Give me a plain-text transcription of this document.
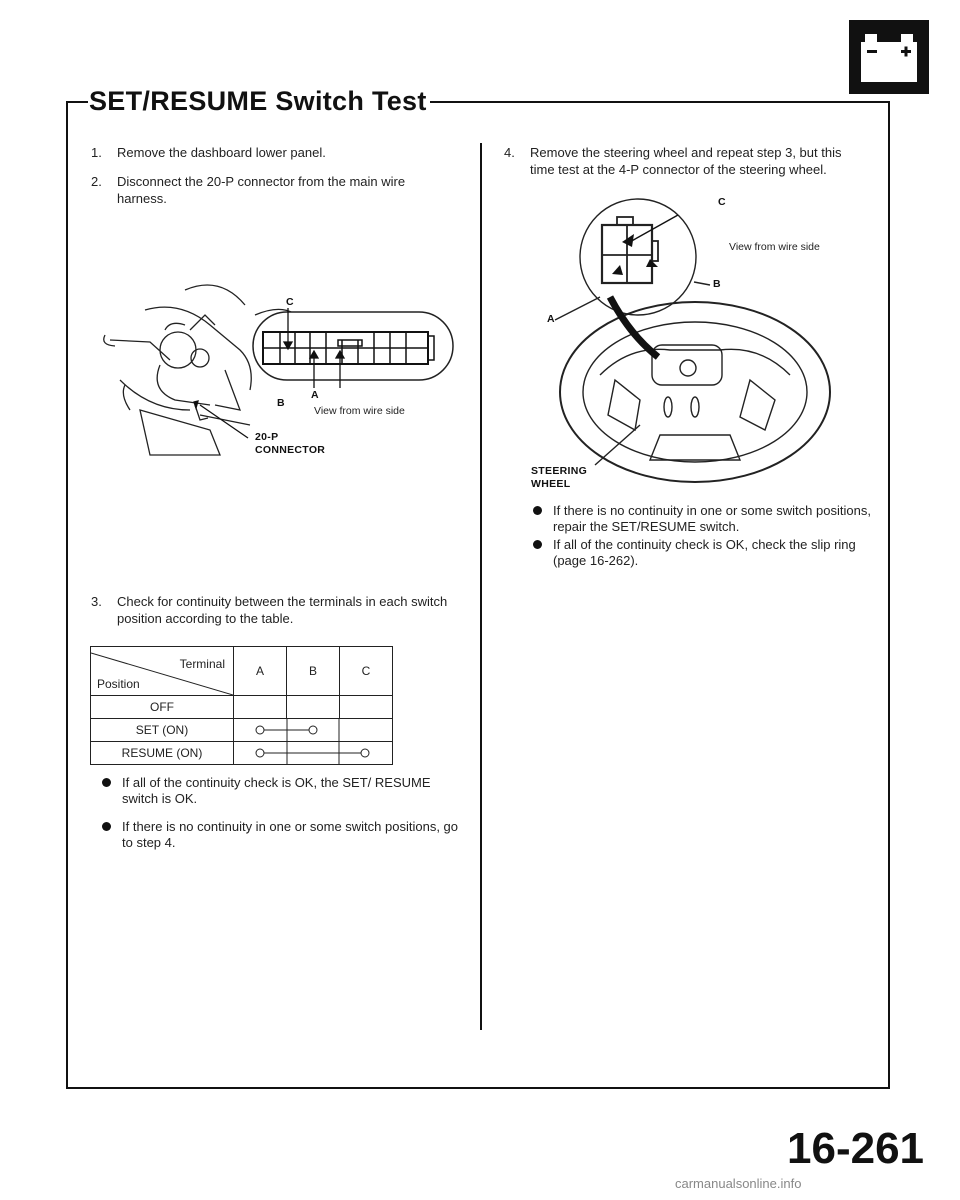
SET/RESUME Switch Test
1. Remove the dashboard lower panel.
2. Disconnect the 20-P connector from the main wire harness.
C
B
A
View from wire side
20-P
CONNECTOR
3. Check for continuity between the terminals in each switch position according to the table.
Terminal
Position	A	B	C
OFF			
SET (ON)	

RESUME (ON)	
If all of the continuity check is OK, the SET/ RESUME switch is OK.
If there is no continuity in one or some switch positions, go to step 4.
4. Remove the steering wheel and repeat step 3, but this time test at the 4-P connector of the steering wheel.
C
View from wire side
B
A
STEERING
WHEEL
If there is no continuity in one or some switch positions, repair the SET/RESUME switch.
If all of the continuity check is OK, check the slip ring (page 16-262).
16-261
carmanualsonline.info
